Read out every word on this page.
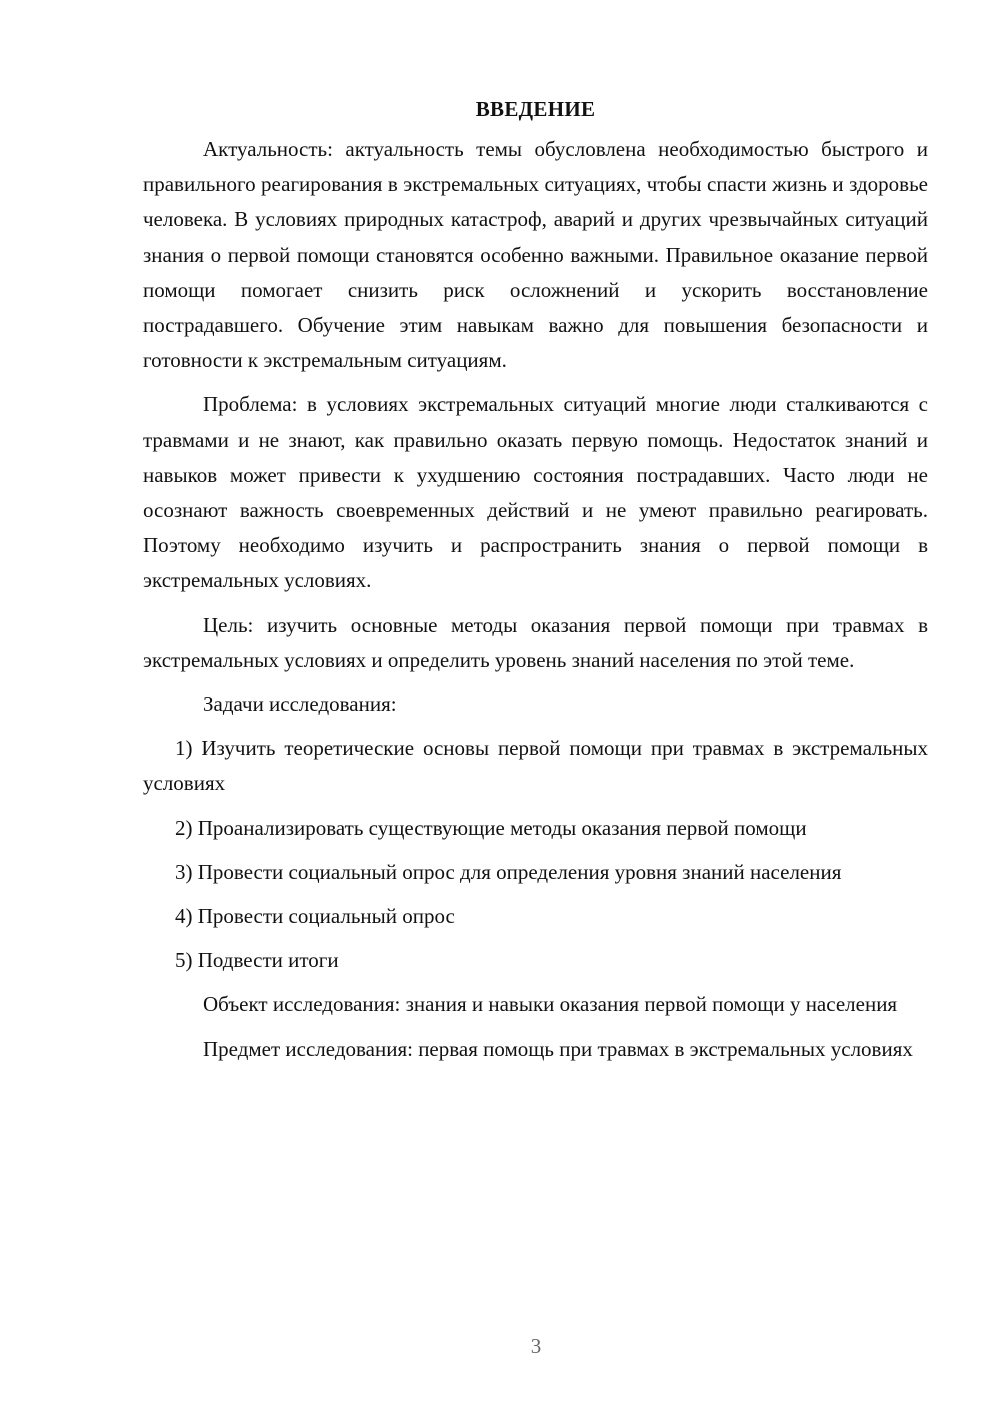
ВВЕДЕНИЕ

Актуальность: актуальность темы обусловлена необходимостью быстрого и правильного реагирования в экстремальных ситуациях, чтобы спасти жизнь и здоровье человека. В условиях природных катастроф, аварий и других чрезвычайных ситуаций знания о первой помощи становятся особенно важными. Правильное оказание первой помощи помогает снизить риск осложнений и ускорить восстановление пострадавшего. Обучение этим навыкам важно для повышения безопасности и готовности к экстремальным ситуациям.

Проблема: в условиях экстремальных ситуаций многие люди сталкиваются с травмами и не знают, как правильно оказать первую помощь. Недостаток знаний и навыков может привести к ухудшению состояния пострадавших. Часто люди не осознают важность своевременных действий и не умеют правильно реагировать. Поэтому необходимо изучить и распространить знания о первой помощи в экстремальных условиях.

Цель: изучить основные методы оказания первой помощи при травмах в экстремальных условиях и определить уровень знаний населения по этой теме.

Задачи исследования:

1) Изучить теоретические основы первой помощи при травмах в экстремальных условиях

2) Проанализировать существующие методы оказания первой помощи

3) Провести социальный опрос для определения уровня знаний населения

4) Провести социальный опрос

5) Подвести итоги

Объект исследования: знания и навыки оказания первой помощи у населения

Предмет исследования: первая помощь при травмах в экстремальных условиях

3
